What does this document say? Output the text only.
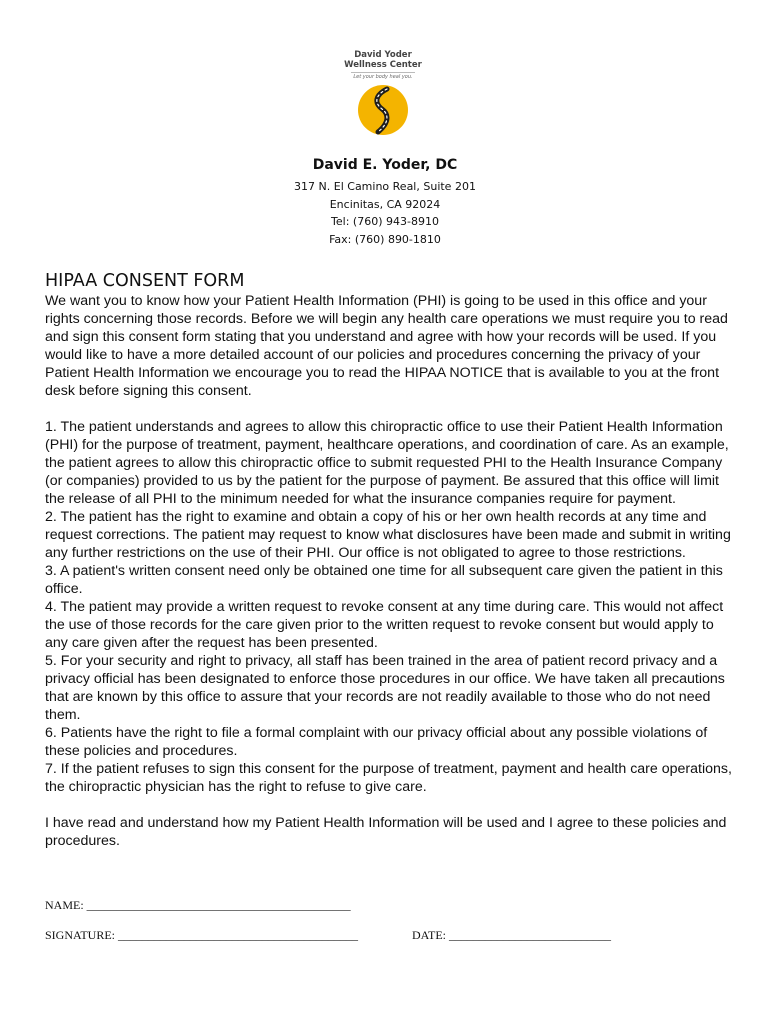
David Yoder
Wellness Center
Let your body heal you.
David E. Yoder, DC
317 N. El Camino Real, Suite 201
Encinitas, CA 92024
Tel: (760) 943-8910
Fax: (760) 890-1810
HIPAA CONSENT FORM

We want you to know how your Patient Health Information (PHI) is going to be used in this office and your rights concerning those records. Before we will begin any health care operations we must require you to read and sign this consent form stating that you understand and agree with how your records will be used. If you would like to have a more detailed account of our policies and procedures concerning the privacy of your Patient Health Information we encourage you to read the HIPAA NOTICE that is available to you at the front desk before signing this consent.

1. The patient understands and agrees to allow this chiropractic office to use their Patient Health Information (PHI) for the purpose of treatment, payment, healthcare operations, and coordination of care. As an example, the patient agrees to allow this chiropractic office to submit requested PHI to the Health Insurance Company (or companies) provided to us by the patient for the purpose of payment. Be assured that this office will limit the release of all PHI to the minimum needed for what the insurance companies require for payment.

2. The patient has the right to examine and obtain a copy of his or her own health records at any time and request corrections. The patient may request to know what disclosures have been made and submit in writing any further restrictions on the use of their PHI. Our office is not obligated to agree to those restrictions.

3. A patient's written consent need only be obtained one time for all subsequent care given the patient in this office.

4. The patient may provide a written request to revoke consent at any time during care. This would not affect the use of those records for the care given prior to the written request to revoke consent but would apply to any care given after the request has been presented.

5. For your security and right to privacy, all staff has been trained in the area of patient record privacy and a privacy official has been designated to enforce those procedures in our office. We have taken all precautions that are known by this office to assure that your records are not readily available to those who do not need them.

6. Patients have the right to file a formal complaint with our privacy official about any possible violations of these policies and procedures.

7. If the patient refuses to sign this consent for the purpose of treatment, payment and health care operations, the chiropractic physician has the right to refuse to give care.

I have read and understand how my Patient Health Information will be used and I agree to these policies and procedures.

NAME: ____________________________________________
SIGNATURE: ________________________________________	DATE: ___________________________
